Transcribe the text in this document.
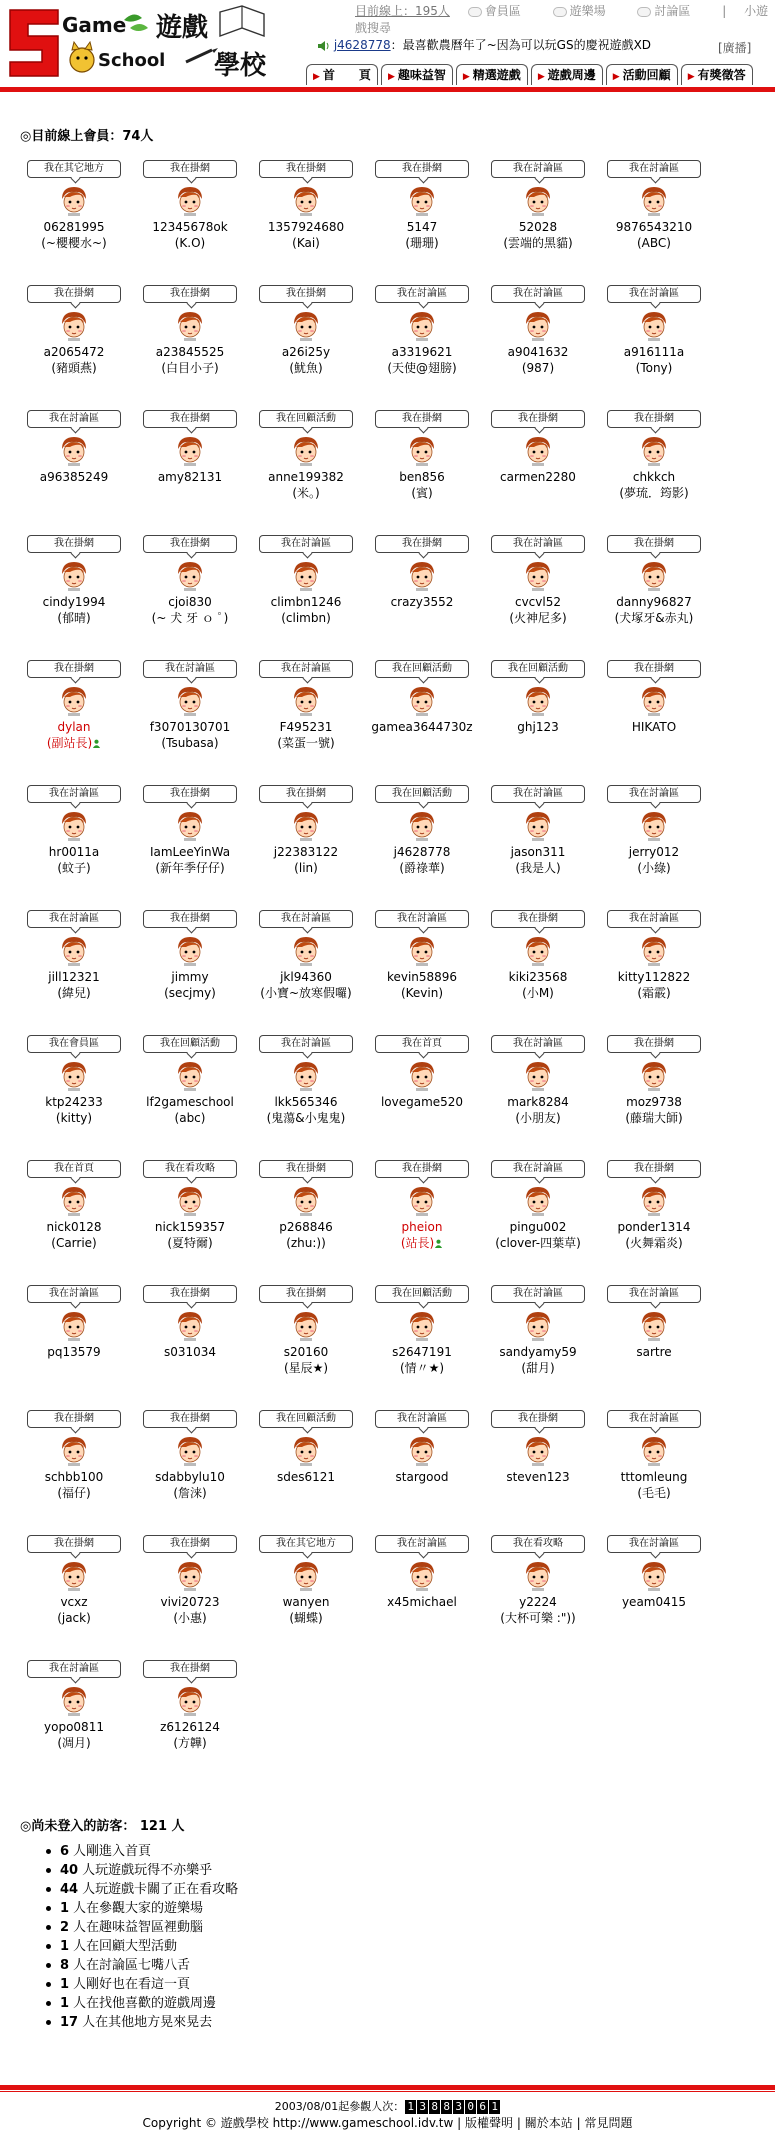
Game
School
遊戲
學校
目前線上：195人	會員區	遊樂場	討論區	| 小遊戲搜尋
j4628778：最喜歡農曆年了~因為可以玩GS的慶祝遊戲XD	[廣播]
▶ 首　　頁 ▶ 趣味益智 ▶ 精選遊戲 ▶ 遊戲周邊 ▶ 活動回顧 ▶ 有獎徵答
◎目前線上會員：74人
我在其它地方
06281995
(~櫻櫻水~)
我在掛網
12345678ok
(K.O)
我在掛網
1357924680
(Kai)
我在掛網
5147
(珊珊)
我在討論區
52028
(雲端的黑貓)
我在討論區
9876543210
(ABC)
我在掛網
a2065472
(豬頭燕)
我在掛網
a23845525
(白目小子)
我在掛網
a26i25y
(魷魚)
我在討論區
a3319621
(天使@翅膀)
我在討論區
a9041632
(987)
我在討論區
a916111a
(Tony)
我在討論區
a96385249
我在掛網
amy82131
我在回顧活動
anne199382
(米。)
我在掛網
ben856
(賓)
我在掛網
carmen2280
我在掛網
chkkch
(夢琉．筠影)
我在掛網
cindy1994
(郁晴)
我在掛網
cjoi830
(~ 犬 牙 ｏ ﾟ)
我在討論區
climbn1246
(climbn)
我在掛網
crazy3552
我在討論區
cvcvl52
(火神尼多)
我在掛網
danny96827
(犬塚牙&赤丸)
我在掛網
dylan
(副站長)
我在討論區
f3070130701
(Tsubasa)
我在討論區
F495231
(菜蛋一號)
我在回顧活動
gamea3644730z
我在回顧活動
ghj123
我在掛網
HIKATO
我在討論區
hr0011a
(蚊子)
我在掛網
IamLeeYinWa
(新年季仔仔)
我在掛網
j22383122
(lin)
我在回顧活動
j4628778
(爵祿華)
我在討論區
jason311
(我是人)
我在討論區
jerry012
(小綠)
我在討論區
jill12321
(緯兒)
我在掛網
jimmy
(secjmy)
我在討論區
jkl94360
(小寶~放寒假囉)
我在討論區
kevin58896
(Kevin)
我在掛網
kiki23568
(小M)
我在討論區
kitty112822
(霜霰)
我在會員區
ktp24233
(kitty)
我在回顧活動
lf2gameschool
(abc)
我在討論區
lkk565346
(鬼蕩&小鬼鬼)
我在首頁
lovegame520
我在討論區
mark8284
(小朋友)
我在掛網
moz9738
(藤瑞大師)
我在首頁
nick0128
(Carrie)
我在看攻略
nick159357
(夏特爾)
我在掛網
p268846
(zhu:))
我在掛網
pheion
(站長)
我在討論區
pingu002
(clover-四葉草)
我在掛網
ponder1314
(火舞霜炎)
我在討論區
pq13579
我在掛網
s031034
我在掛網
s20160
(星辰★)
我在回顧活動
s2647191
(情〃★)
我在討論區
sandyamy59
(甜月)
我在討論區
sartre
我在掛網
schbb100
(福仔)
我在掛網
sdabbylu10
(詹涞)
我在回顧活動
sdes6121
我在討論區
stargood
我在掛網
steven123
我在討論區
tttomleung
(毛毛)
我在掛網
vcxz
(jack)
我在掛網
vivi20723
(小惠)
我在其它地方
wanyen
(蝴蝶)
我在討論區
x45michael
我在看攻略
y2224
(大杯可樂 :"))
我在討論區
yeam0415
我在討論區
yopo0811
(凋月)
我在掛網
z6126124
(方韡)
◎尚未登入的訪客： 121 人
6 人剛進入首頁
40 人玩遊戲玩得不亦樂乎
44 人玩遊戲卡關了正在看攻略
1 人在參觀大家的遊樂場
2 人在趣味益智區裡動腦
1 人在回顧大型活動
8 人在討論區七嘴八舌
1 人剛好也在看這一頁
1 人在找他喜歡的遊戲周邊
17 人在其他地方晃來晃去
2003/08/01起參觀人次： 1 3 8 8 3 0 6 1
Copyright © 遊戲學校 http://www.gameschool.idv.tw | 版權聲明 | 關於本站 | 常見問題
